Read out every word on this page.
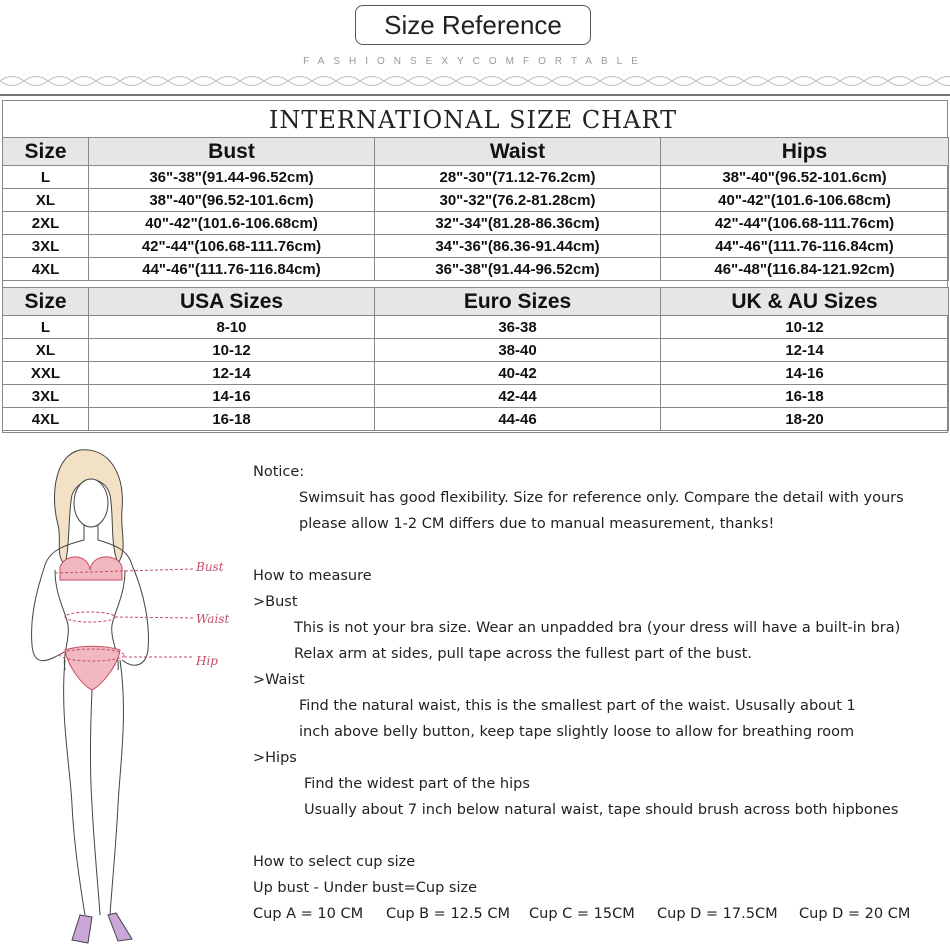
Size Reference
FASHIONSEXYCOMFORTABLE
INTERNATIONAL SIZE CHART
Size	Bust	Waist	Hips
L	36"-38"(91.44-96.52cm)	28"-30"(71.12-76.2cm)	38"-40"(96.52-101.6cm)
XL	38"-40"(96.52-101.6cm)	30"-32"(76.2-81.28cm)	40"-42"(101.6-106.68cm)
2XL	40"-42"(101.6-106.68cm)	32"-34"(81.28-86.36cm)	42"-44"(106.68-111.76cm)
3XL	42"-44"(106.68-111.76cm)	34"-36"(86.36-91.44cm)	44"-46"(111.76-116.84cm)
4XL	44"-46"(111.76-116.84cm)	36"-38"(91.44-96.52cm)	46"-48"(116.84-121.92cm)
Size	USA Sizes	Euro Sizes	UK & AU Sizes
L	8-10	36-38	10-12
XL	10-12	38-40	12-14
XXL	12-14	40-42	14-16
3XL	14-16	42-44	16-18
4XL	16-18	44-46	18-20
Bust
Waist
Hip
Notice:
Swimsuit has good flexibility. Size for reference only. Compare the detail with yours
please allow 1-2 CM differs due to manual measurement, thanks!
How to measure
>Bust
This is not your bra size. Wear an unpadded bra (your dress will have a built-in bra)
Relax arm at sides, pull tape across the fullest part of the bust.
>Waist
Find the natural waist, this is the smallest part of the waist. Ususally about 1
inch above belly button, keep tape slightly loose to allow for breathing room
>Hips
Find the widest part of the hips
Usually about 7 inch below natural waist, tape should brush across both hipbones
How to select cup size
Up bust - Under bust=Cup size
Cup A = 10 CM Cup B = 12.5 CM Cup C = 15CM Cup D = 17.5CM Cup D = 20 CM
